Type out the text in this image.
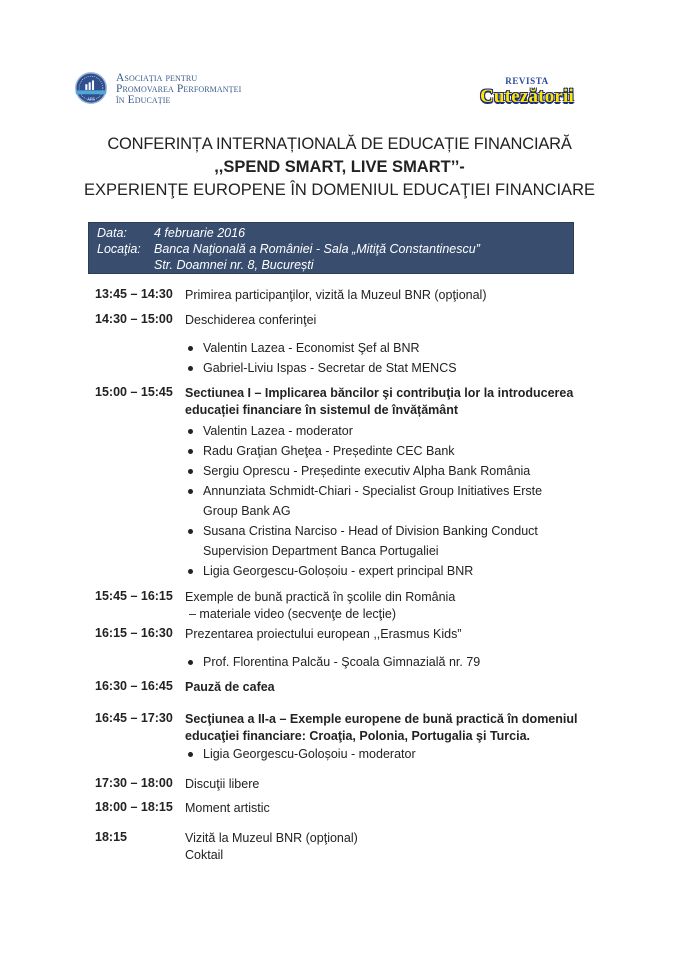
APE
Asociația pentru
Promovarea Performanței
în Educație
REVISTA
Cutezătorii
CONFERINȚA INTERNAȚIONALĂ DE EDUCAȚIE FINANCIARĂ
,,SPEND SMART, LIVE SMART’’-
EXPERIENŢE EUROPENE ÎN DOMENIUL EDUCAŢIEI FINANCIARE
Data:	4 februarie 2016
Locaţia:	Banca Naţională a României - Sala „Mitiţă Constantinescu”
Str. Doamnei nr. 8, București
13:45 – 14:30 Primirea participanţilor, vizită la Muzeul BNR (opţional)
14:30 – 15:00 Deschiderea conferinţei
Valentin Lazea - Economist Şef al BNR
Gabriel-Liviu Ispas - Secretar de Stat MENCS
15:00 – 15:45 Sectiunea I – Implicarea băncilor şi contribuţia lor la introducerea
educației financiare în sistemul de învățământ
Valentin Lazea - moderator
Radu Graţian Gheţea - Președinte CEC Bank
Sergiu Oprescu - Președinte executiv Alpha Bank România
Annunziata Schmidt-Chiari - Specialist Group Initiatives Erste
Group Bank AG
Susana Cristina Narciso - Head of Division Banking Conduct
Supervision Department Banca Portugaliei
Ligia Georgescu-Goloșoiu - expert principal BNR
15:45 – 16:15 Exemple de bună practică în şcolile din România
– materiale video (secvenţe de lecţie)
16:15 – 16:30 Prezentarea proiectului european ,,Erasmus Kids”
Prof. Florentina Palcău - Şcoala Gimnazială nr. 79
16:30 – 16:45 Pauză de cafea
16:45 – 17:30 Secţiunea a II-a – Exemple europene de bună practică în domeniul
educaţiei financiare: Croaţia, Polonia, Portugalia şi Turcia.
Ligia Georgescu-Goloșoiu - moderator
17:30 – 18:00 Discuţii libere
18:00 – 18:15 Moment artistic
18:15	Vizită la Muzeul BNR (opţional)
Coktail
